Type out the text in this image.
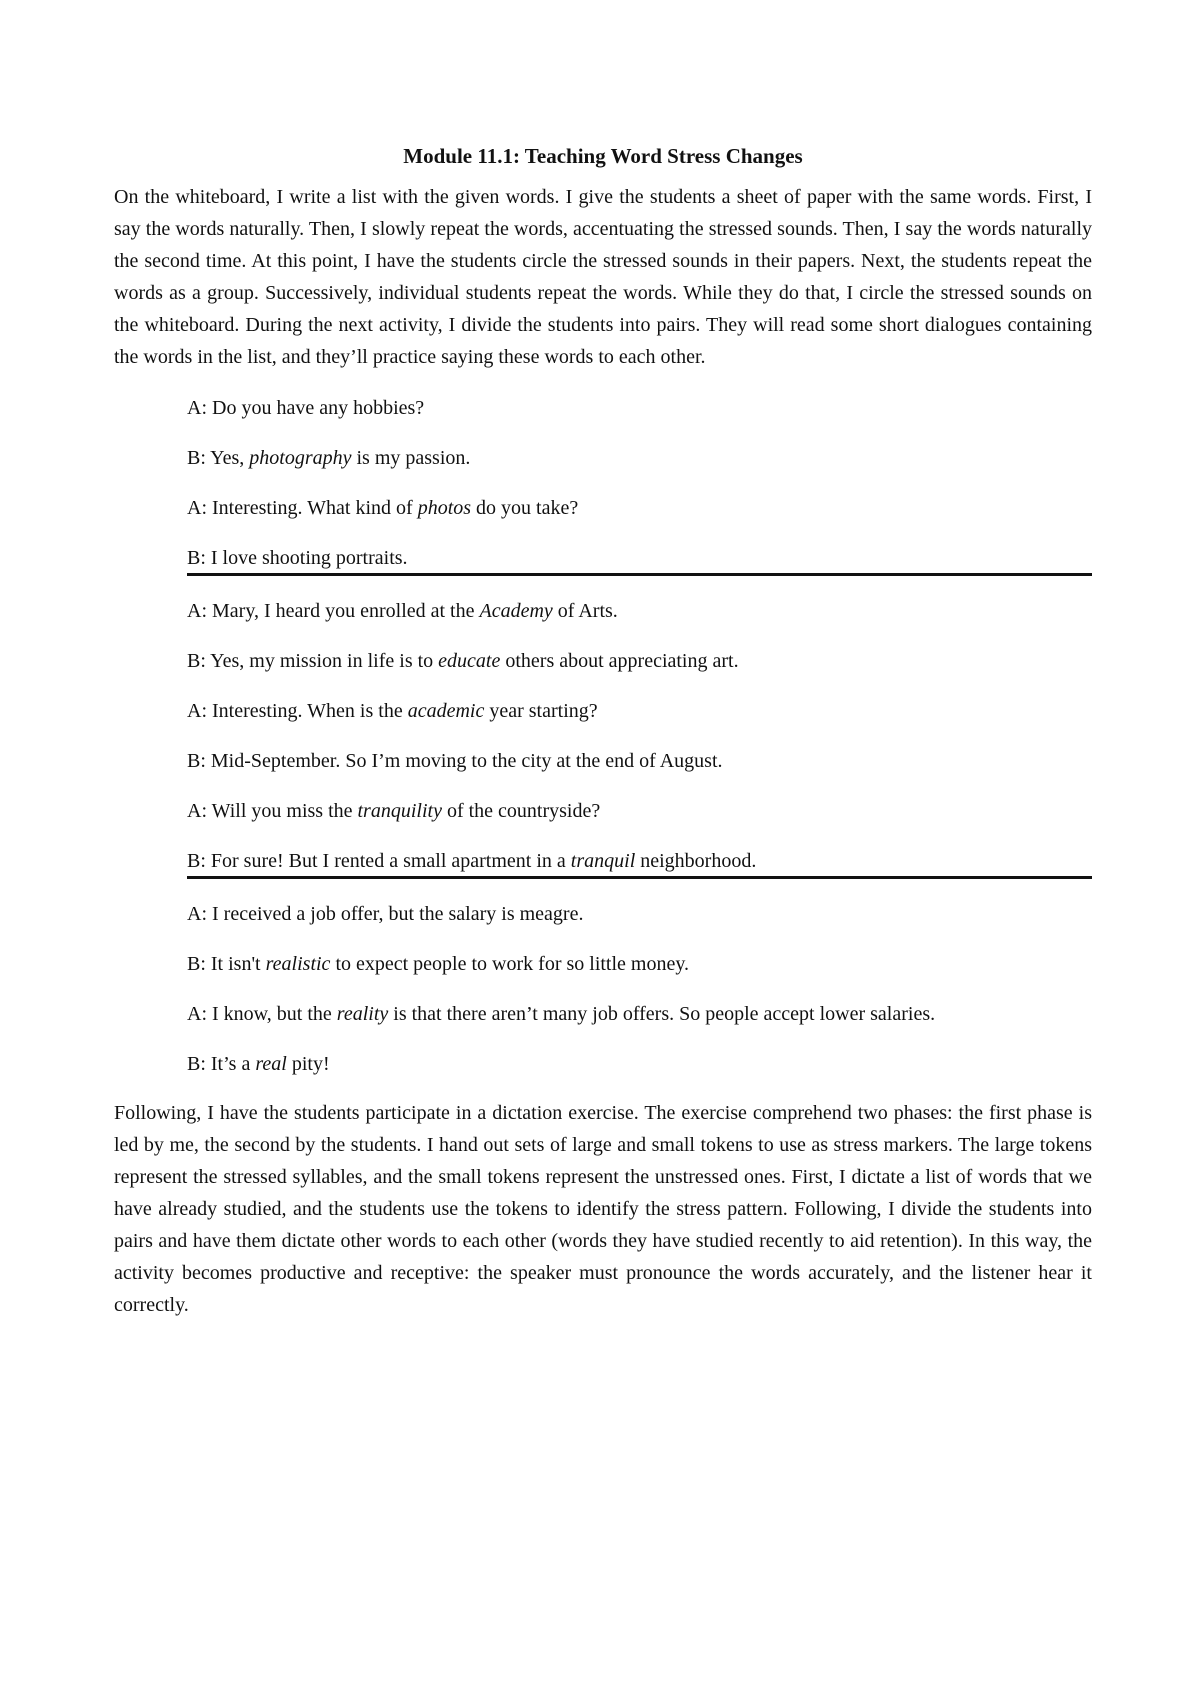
Module 11.1: Teaching Word Stress Changes

On the whiteboard, I write a list with the given words. I give the students a sheet of paper with the same words. First, I say the words naturally. Then, I slowly repeat the words, accentuating the stressed sounds. Then, I say the words naturally the second time. At this point, I have the students circle the stressed sounds in their papers. Next, the students repeat the words as a group. Successively, individual students repeat the words. While they do that, I circle the stressed sounds on the whiteboard. During the next activity, I divide the students into pairs. They will read some short dialogues containing the words in the list, and they’ll practice saying these words to each other.

A: Do you have any hobbies?

B: Yes, photography is my passion.

A: Interesting. What kind of photos do you take?

B: I love shooting portraits.

A: Mary, I heard you enrolled at the Academy of Arts.

B: Yes, my mission in life is to educate others about appreciating art.

A: Interesting. When is the academic year starting?

B: Mid-September. So I’m moving to the city at the end of August.

A: Will you miss the tranquility of the countryside?

B: For sure! But I rented a small apartment in a tranquil neighborhood.

A: I received a job offer, but the salary is meagre.

B: It isn't realistic to expect people to work for so little money.

A: I know, but the reality is that there aren’t many job offers. So people accept lower salaries.

B: It’s a real pity!

Following, I have the students participate in a dictation exercise. The exercise comprehend two phases: the first phase is led by me, the second by the students. I hand out sets of large and small tokens to use as stress markers. The large tokens represent the stressed syllables, and the small tokens represent the unstressed ones. First, I dictate a list of words that we have already studied, and the students use the tokens to identify the stress pattern. Following, I divide the students into pairs and have them dictate other words to each other (words they have studied recently to aid retention). In this way, the activity becomes productive and receptive: the speaker must pronounce the words accurately, and the listener hear it correctly.
